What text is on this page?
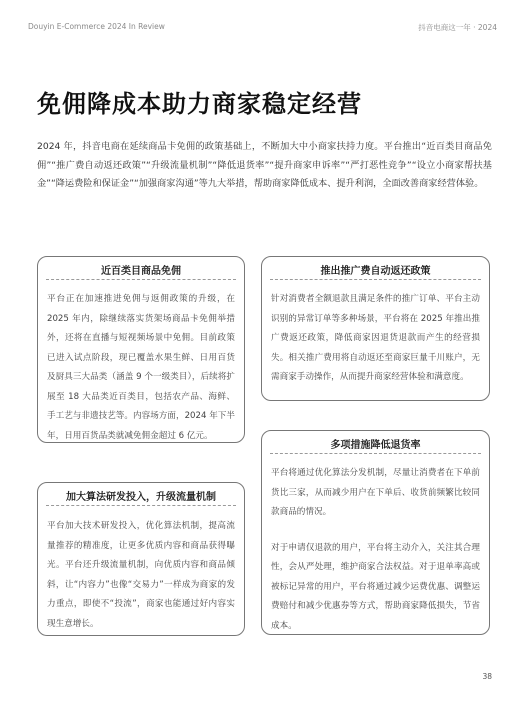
Douyin E-Commerce 2024 In Review	抖音电商这一年 · 2024
免佣降成本助力商家稳定经营
2024 年，抖音电商在延续商品卡免佣的政策基础上，不断加大中小商家扶持力度。平台推出“近百类目商品免佣”“推广费自动返还政策”“升级流量机制”“降低退货率”“提升商家申诉率”“严打恶性竞争”“设立小商家帮扶基金”“降运费险和保证金”“加强商家沟通”等九大举措，帮助商家降低成本、提升利润，全面改善商家经营体验。
近百类目商品免佣

平台正在加速推进免佣与返佣政策的升级，在 2025 年内，除继续落实货架场商品卡免佣举措外，还将在直播与短视频场景中免佣。目前政策已进入试点阶段，现已覆盖水果生鲜、日用百货及厨具三大品类（涵盖 9 个一级类目），后续将扩展至 18 大品类近百类目，包括农产品、海鲜、手工艺与非遗技艺等。内容场方面，2024 年下半年，日用百货品类就减免佣金超过 6 亿元。

加大算法研发投入，升级流量机制

平台加大技术研发投入，优化算法机制，提高流量推荐的精准度，让更多优质内容和商品获得曝光。平台还升级流量机制，向优质内容和商品倾斜，让“内容力”也像“交易力”一样成为商家的发力重点，即使不“投流”，商家也能通过好内容实现生意增长。

推出推广费自动返还政策

针对消费者全额退款且满足条件的推广订单、平台主动识别的异常订单等多种场景，平台将在 2025 年推出推广费返还政策，降低商家因退货退款而产生的经营损失。相关推广费用将自动返还至商家巨量千川账户，无需商家手动操作，从而提升商家经营体验和满意度。

多项措施降低退货率

平台将通过优化算法分发机制，尽量让消费者在下单前货比三家，从而减少用户在下单后、收货前频繁比较同款商品的情况。

对于申请仅退款的用户，平台将主动介入，关注其合理性，会从严处理，维护商家合法权益。对于退单率高或被标记异常的用户，平台将通过减少运费优惠、调整运费赔付和减少优惠券等方式，帮助商家降低损失，节省成本。

38
